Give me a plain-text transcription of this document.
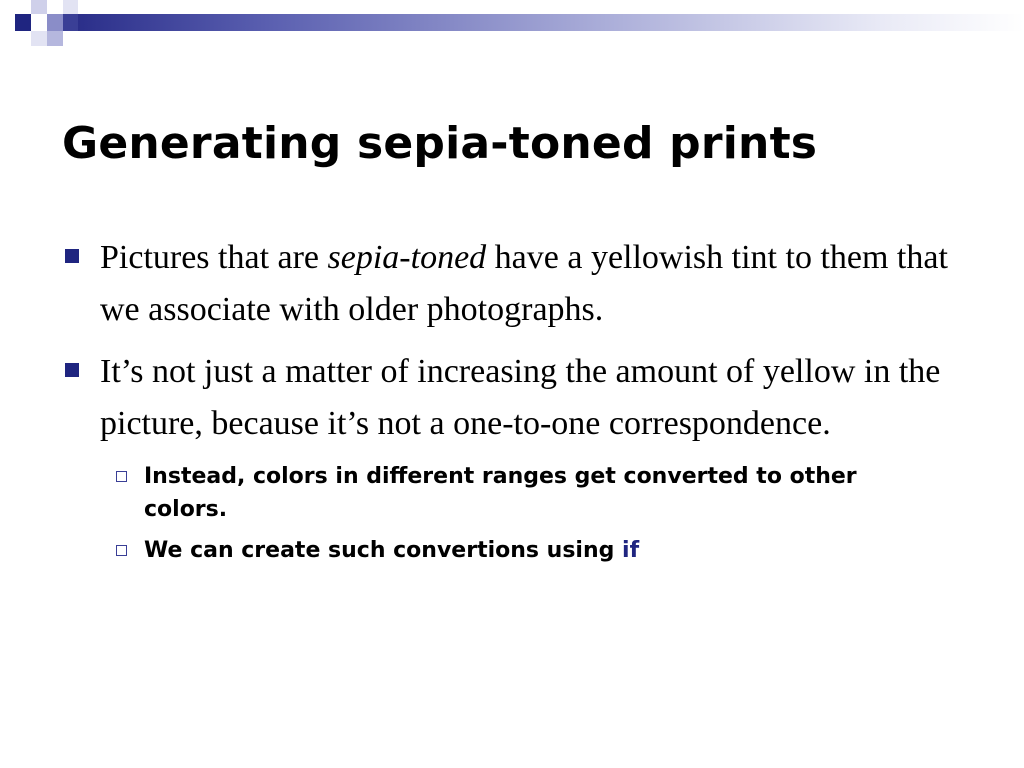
Generating sepia-toned prints

Pictures that are sepia-toned have a yellowish tint to them that we associate with older photographs.

It’s not just a matter of increasing the amount of yellow in the picture, because it’s not a one-to-one correspondence.

Instead, colors in different ranges get converted to other colors.

We can create such convertions using if
